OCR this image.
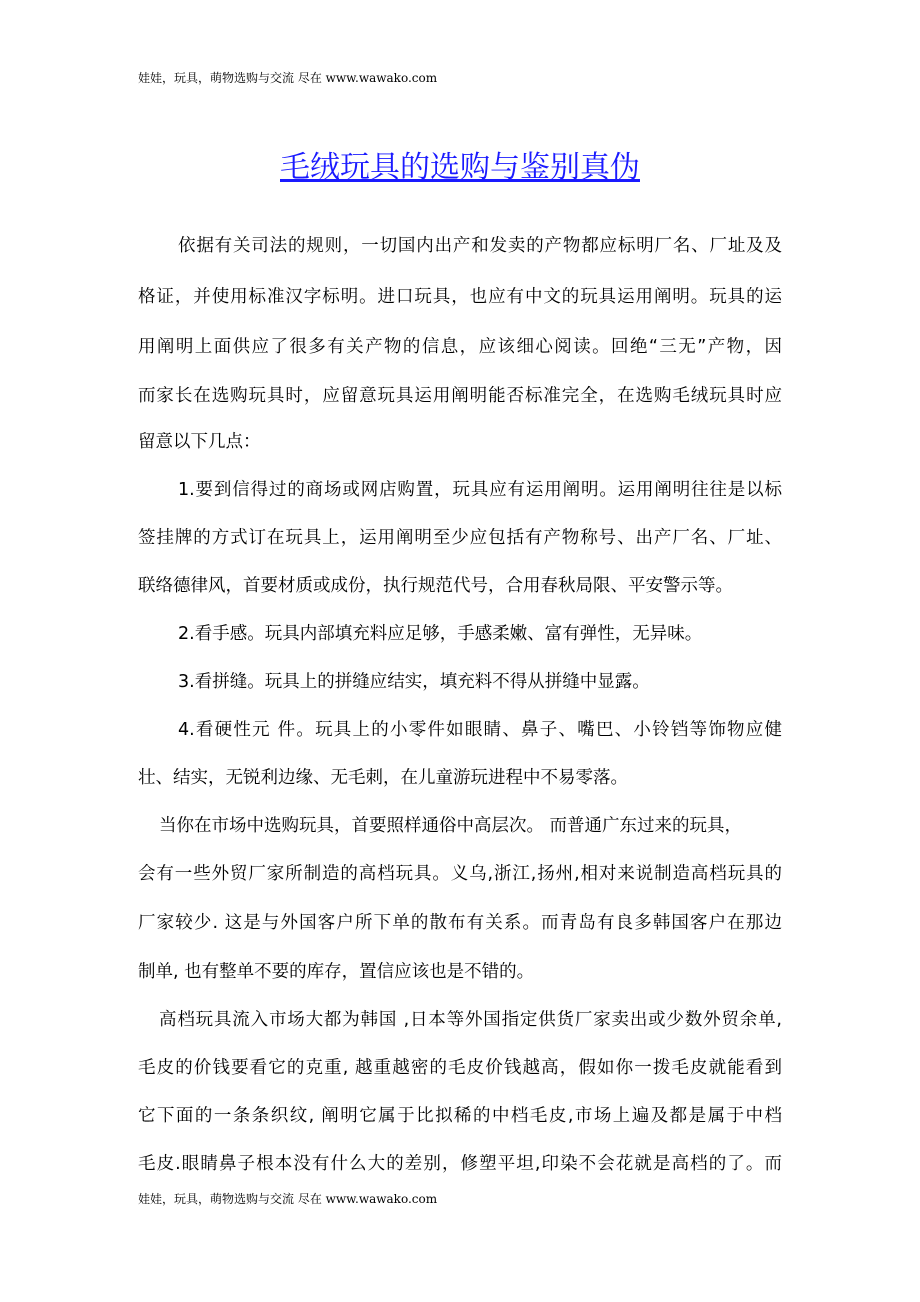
娃娃，玩具，萌物选购与交流 尽在 www.wawako.com
毛绒玩具的选购与鉴别真伪
依据有关司法的规则，一切国内出产和发卖的产物都应标明厂名、厂址及及
格证，并使用标准汉字标明。进口玩具，也应有中文的玩具运用阐明。玩具的运
用阐明上面供应了很多有关产物的信息，应该细心阅读。回绝“三无”产物，因
而家长在选购玩具时，应留意玩具运用阐明能否标准完全，在选购毛绒玩具时应
留意以下几点：
1.要到信得过的商场或网店购置，玩具应有运用阐明。运用阐明往往是以标
签挂牌的方式订在玩具上，运用阐明至少应包括有产物称号、出产厂名、厂址、
联络德律风，首要材质或成份，执行规范代号，合用春秋局限、平安警示等。
2.看手感。玩具内部填充料应足够，手感柔嫩、富有弹性，无异味。
3.看拼缝。玩具上的拼缝应结实，填充料不得从拼缝中显露。
4.看硬性元 件。玩具上的小零件如眼睛、鼻子、嘴巴、小铃铛等饰物应健
壮、结实，无锐利边缘、无毛刺，在儿童游玩进程中不易零落。
当你在市场中选购玩具，首要照样通俗中高层次。 而普通广东过来的玩具，
会有一些外贸厂家所制造的高档玩具。义乌,浙江,扬州,相对来说制造高档玩具的
厂家较少. 这是与外国客户所下单的散布有关系。而青岛有良多韩国客户在那边
制单, 也有整单不要的库存，置信应该也是不错的。
高档玩具流入市场大都为韩国 ,日本等外国指定供货厂家卖出或少数外贸余单,
毛皮的价钱要看它的克重, 越重越密的毛皮价钱越高，假如你一拨毛皮就能看到
它下面的一条条织纹, 阐明它属于比拟稀的中档毛皮,市场上遍及都是属于中档
毛皮.眼睛鼻子根本没有什么大的差别，修塑平坦,印染不会花就是高档的了。而
娃娃，玩具，萌物选购与交流 尽在 www.wawako.com
